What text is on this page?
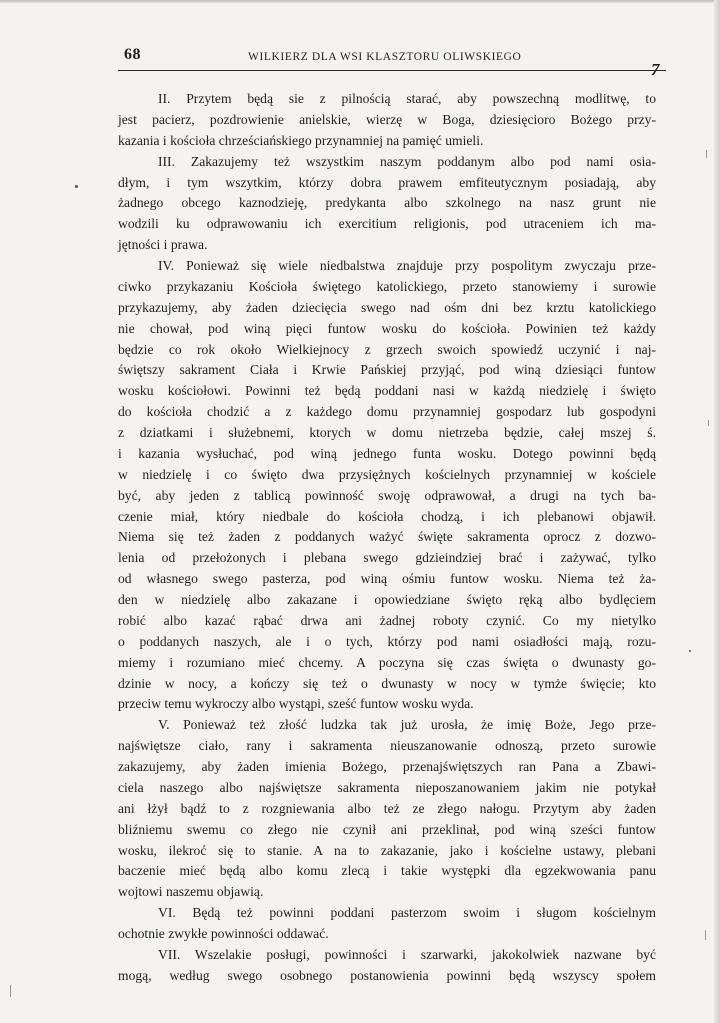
68	WILKIERZ DLA WSI KLASZTORU OLIWSKIEGO
7
II. Przytem będą sie z pilnością starać, aby powszechną modlitwę, to
jest pacierz, pozdrowienie anielskie, wierzę w Boga, dziesięcioro Bożego przy-
kazania i kościoła chrześciańskiego przynamniej na pamięć umieli.
III. Zakazujemy też wszystkim naszym poddanym albo pod nami osia-
dłym, i tym wszytkim, którzy dobra prawem emfiteutycznym posiadają, aby
żadnego obcego kaznodzieję, predykanta albo szkolnego na nasz grunt nie
wodzili ku odprawowaniu ich exercitium religionis, pod utraceniem ich ma-
jętności i prawa.
IV. Ponieważ się wiele niedbalstwa znajduje przy pospolitym zwyczaju prze-
ciwko przykazaniu Kościoła świętego katolickiego, przeto stanowiemy i surowie
przykazujemy, aby żaden dziecięcia swego nad ośm dni bez krztu katolickiego
nie chował, pod winą pięci funtow wosku do kościoła. Powinien też każdy
będzie co rok około Wielkiejnocy z grzech swoich spowiedź uczynić i naj-
świętszy sakrament Ciała i Krwie Pańskiej przyjąć, pod winą dziesiąci funtow
wosku kościołowi. Powinni też będą poddani nasi w każdą niedzielę i święto
do kościoła chodzić a z każdego domu przynamniej gospodarz lub gospodyni
z dziatkami i służebnemi, ktorych w domu nietrzeba będzie, całej mszej ś.
i kazania wysłuchać, pod winą jednego funta wosku. Dotego powinni będą
w niedzielę i co święto dwa przysiężnych kościelnych przynamniej w kościele
być, aby jeden z tablicą powinność swoję odprawował, a drugi na tych ba-
czenie miał, który niedbale do kościoła chodzą, i ich plebanowi objawił.
Niema się też żaden z poddanych ważyć święte sakramenta oprocz z dozwo-
lenia od przełożonych i plebana swego gdzieindziej brać i zażywać, tylko
od własnego swego pasterza, pod winą ośmiu funtow wosku. Niema też ża-
den w niedzielę albo zakazane i opowiedziane święto ręką albo bydlęciem
robić albo kazać rąbać drwa ani żadnej roboty czynić. Co my nietylko
o poddanych naszych, ale i o tych, którzy pod nami osiadłości mają, rozu-
miemy i rozumiano mieć chcemy. A poczyna się czas święta o dwunasty go-
dzinie w nocy, a kończy się też o dwunasty w nocy w tymże święcie; kto
przeciw temu wykroczy albo wystąpi, sześć funtow wosku wyda.
V. Ponieważ też złość ludzka tak już urosła, że imię Boże, Jego prze-
najświętsze ciało, rany i sakramenta nieuszanowanie odnoszą, przeto surowie
zakazujemy, aby żaden imienia Bożego, przenajświętszych ran Pana a Zbawi-
ciela naszego albo najświętsze sakramenta nieposzanowaniem jakim nie potykał
ani łżył bądź to z rozgniewania albo też ze złego nałogu. Przytym aby żaden
bliźniemu swemu co złego nie czynił ani przeklinał, pod winą sześci funtow
wosku, ilekroć się to stanie. A na to zakazanie, jako i kościelne ustawy, plebani
baczenie mieć będą albo komu zlecą i takie występki dla egzekwowania panu
wojtowi naszemu objawią.
VI. Będą też powinni poddani pasterzom swoim i sługom kościelnym
ochotnie zwykłe powinności oddawać.
VII. Wszelakie posługi, powinności i szarwarki, jakokolwiek nazwane być
mogą, według swego osobnego postanowienia powinni będą wszyscy społem
